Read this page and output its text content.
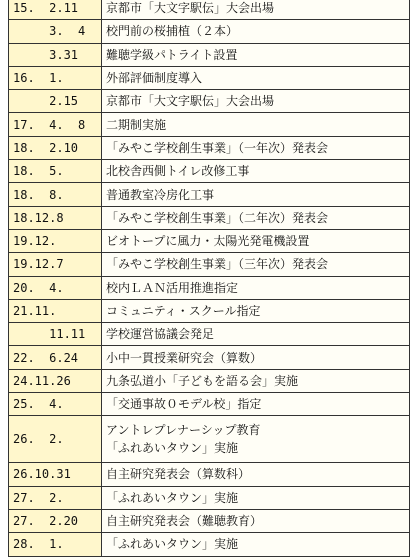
15.  2.11	京都市「大文字駅伝」大会出場
3.  4	校門前の桜捕植（２本）
3.31	難聴学級パトライト設置
16.  1.	外部評価制度導入
2.15	京都市「大文字駅伝」大会出場
17.  4.  8	二期制実施
18.  2.10	「みやこ学校創生事業」（一年次）発表会
18.  5.	北校舎西側トイレ改修工事
18.  8.	普通教室冷房化工事
18.12.8	「みやこ学校創生事業」（二年次）発表会
19.12.	ビオトープに風力・太陽光発電機設置
19.12.7	「みやこ学校創生事業」（三年次）発表会
20.  4.	校内ＬＡＮ活用推進指定
21.11.	コミュニティ・スクール指定
11.11	学校運営協議会発足
22.  6.24	小中一貫授業研究会（算数）
24.11.26	九条弘道小「子どもを語る会」実施
25.  4.	「交通事故０モデル校」指定
26.  2.	アントレプレナーシップ教育
「ふれあいタウン」実施

26.10.31	自主研究発表会（算数科）
27.  2.	「ふれあいタウン」実施
27.  2.20	自主研究発表会（難聴教育）
28.  1.	「ふれあいタウン」実施
